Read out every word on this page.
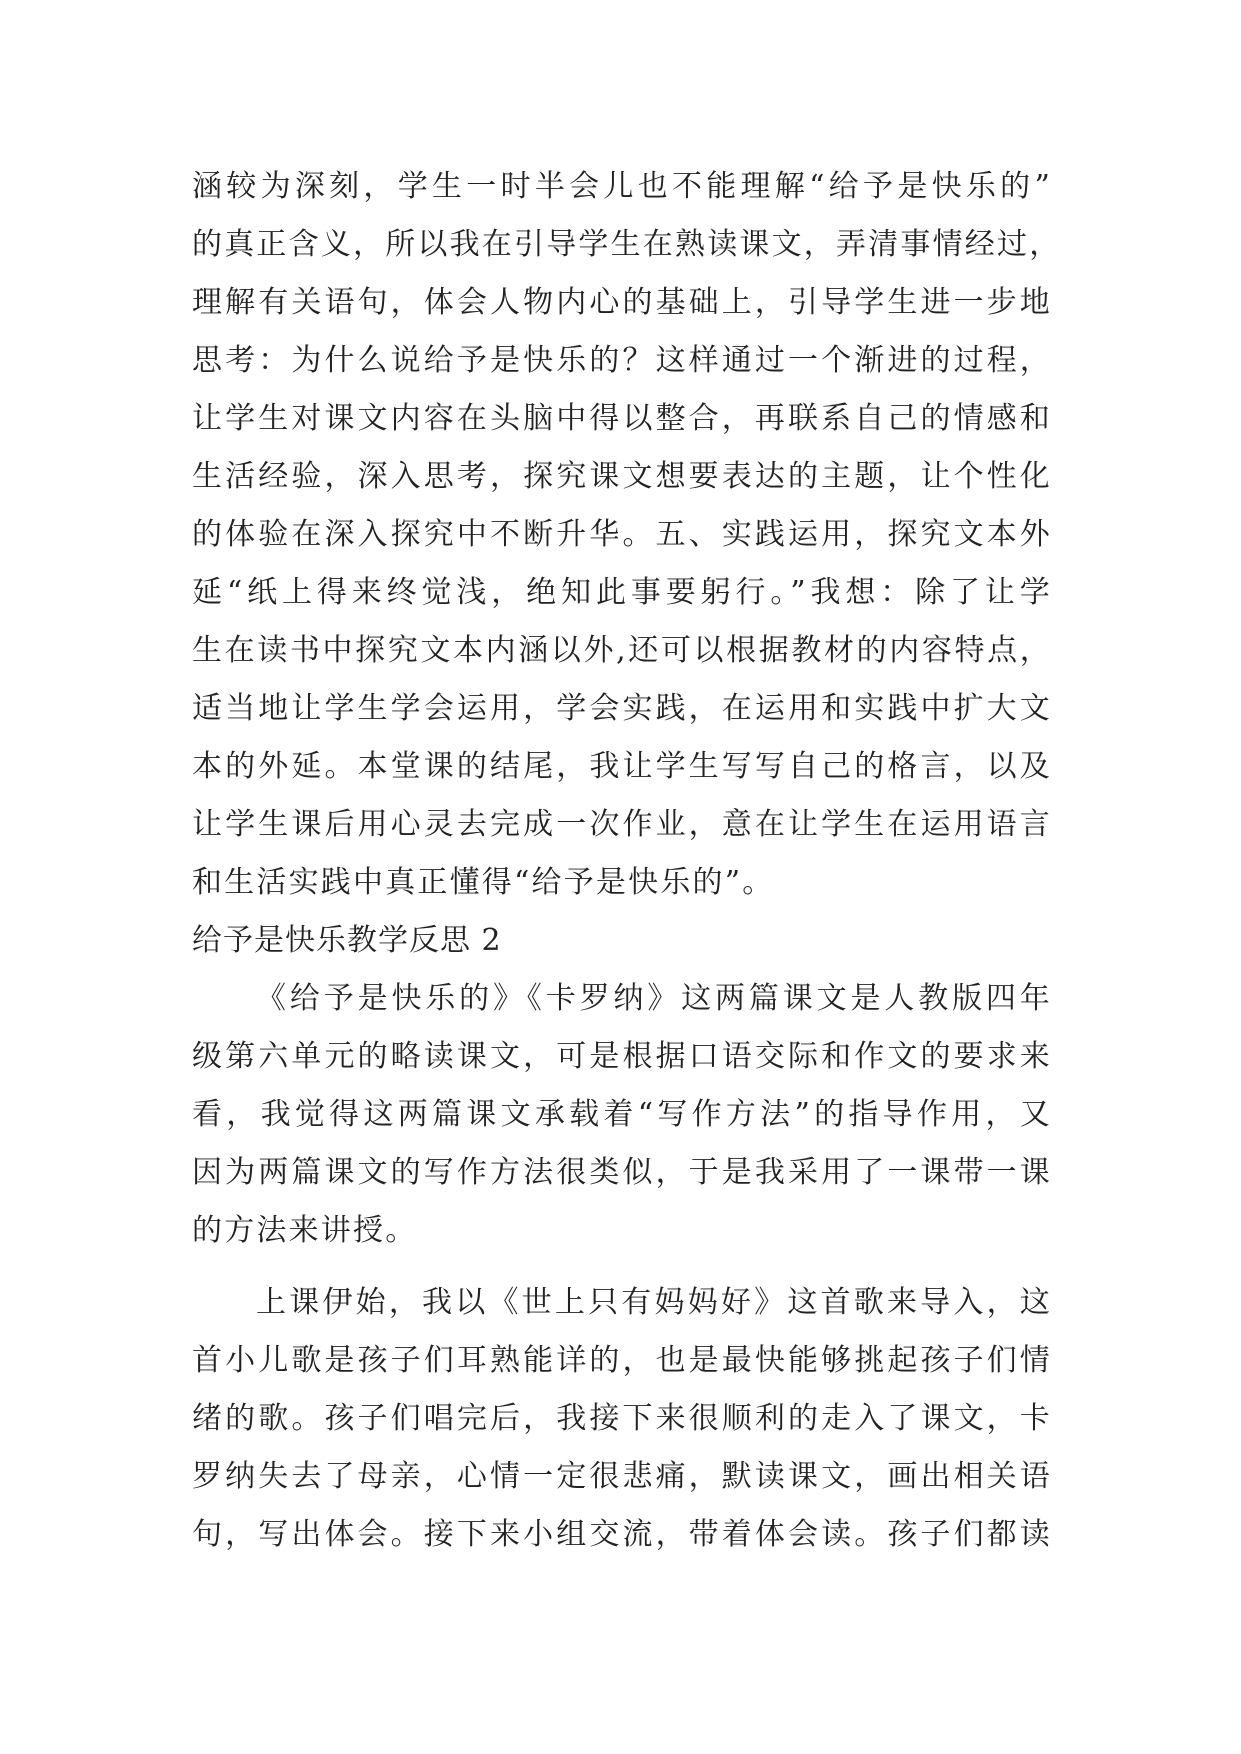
涵较为深刻，学生一时半会儿也不能理解“给予是快乐的”
的真正含义，所以我在引导学生在熟读课文，弄清事情经过，
理解有关语句，体会人物内心的基础上，引导学生进一步地
思考：为什么说给予是快乐的？这样通过一个渐进的过程，
让学生对课文内容在头脑中得以整合，再联系自己的情感和
生活经验，深入思考，探究课文想要表达的主题，让个性化
的体验在深入探究中不断升华。五、实践运用，探究文本外
延“纸上得来终觉浅，绝知此事要躬行。”我想：除了让学
生在读书中探究文本内涵以外,还可以根据教材的内容特点，
适当地让学生学会运用，学会实践，在运用和实践中扩大文
本的外延。本堂课的结尾，我让学生写写自己的格言，以及
让学生课后用心灵去完成一次作业，意在让学生在运用语言
和生活实践中真正懂得“给予是快乐的”。
给予是快乐教学反思 2
《给予是快乐的》《卡罗纳》这两篇课文是人教版四年
级第六单元的略读课文，可是根据口语交际和作文的要求来
看，我觉得这两篇课文承载着“写作方法”的指导作用，又
因为两篇课文的写作方法很类似，于是我采用了一课带一课
的方法来讲授。
上课伊始，我以《世上只有妈妈好》这首歌来导入，这
首小儿歌是孩子们耳熟能详的，也是最快能够挑起孩子们情
绪的歌。孩子们唱完后，我接下来很顺利的走入了课文，卡
罗纳失去了母亲，心情一定很悲痛，默读课文，画出相关语
句，写出体会。接下来小组交流，带着体会读。孩子们都读
